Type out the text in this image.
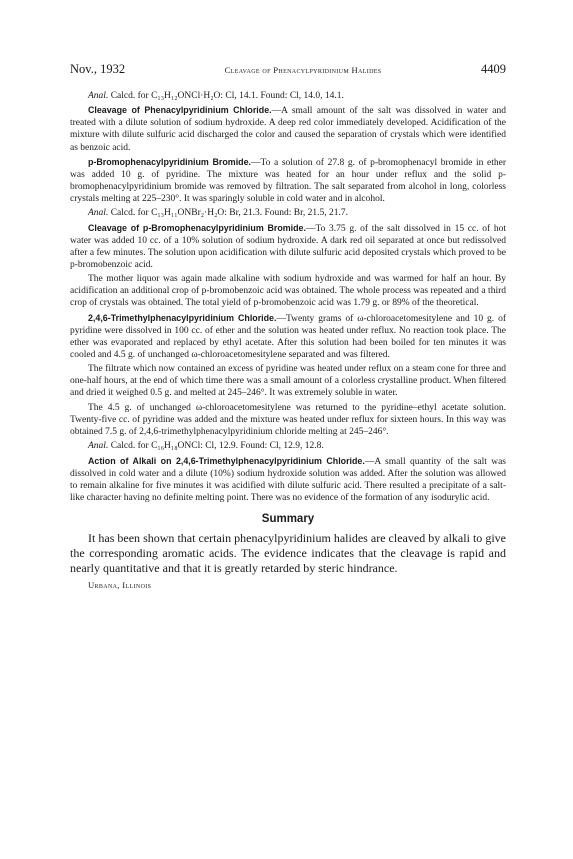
Nov., 1932	Cleavage of Phenacylpyridinium Halides	4409

Anal. Calcd. for C₁₃H₁₂ONCl·H₂O: Cl, 14.1. Found: Cl, 14.0, 14.1.

Cleavage of Phenacylpyridinium Chloride.—A small amount of the salt was dissolved in water and treated with a dilute solution of sodium hydroxide. A deep red color immediately developed. Acidification of the mixture with dilute sulfuric acid discharged the color and caused the separation of crystals which were identified as benzoic acid.

p-Bromophenacylpyridinium Bromide.—To a solution of 27.8 g. of p-bromophenacyl bromide in ether was added 10 g. of pyridine. The mixture was heated for an hour under reflux and the solid p-bromophenacylpyridinium bromide was removed by filtration. The salt separated from alcohol in long, colorless crystals melting at 225–230°. It was sparingly soluble in cold water and in alcohol.

Anal. Calcd. for C₁₃H₁₁ONBr₂·H₂O: Br, 21.3. Found: Br, 21.5, 21.7.

Cleavage of p-Bromophenacylpyridinium Bromide.—To 3.75 g. of the salt dissolved in 15 cc. of hot water was added 10 cc. of a 10% solution of sodium hydroxide. A dark red oil separated at once but redissolved after a few minutes. The solution upon acidification with dilute sulfuric acid deposited crystals which proved to be p-bromobenzoic acid.

The mother liquor was again made alkaline with sodium hydroxide and was warmed for half an hour. By acidification an additional crop of p-bromobenzoic acid was obtained. The whole process was repeated and a third crop of crystals was obtained. The total yield of p-bromobenzoic acid was 1.79 g. or 89% of the theoretical.

2,4,6-Trimethylphenacylpyridinium Chloride.—Twenty grams of ω-chloroacetomesitylene and 10 g. of pyridine were dissolved in 100 cc. of ether and the solution was heated under reflux. No reaction took place. The ether was evaporated and replaced by ethyl acetate. After this solution had been boiled for ten minutes it was cooled and 4.5 g. of unchanged ω-chloroacetomesitylene separated and was filtered.

The filtrate which now contained an excess of pyridine was heated under reflux on a steam cone for three and one-half hours, at the end of which time there was a small amount of a colorless crystalline product. When filtered and dried it weighed 0.5 g. and melted at 245–246°. It was extremely soluble in water.

The 4.5 g. of unchanged ω-chloroacetomesitylene was returned to the pyridine–ethyl acetate solution. Twenty-five cc. of pyridine was added and the mixture was heated under reflux for sixteen hours. In this way was obtained 7.5 g. of 2,4,6-trimethylphenacylpyridinium chloride melting at 245–246°.

Anal. Calcd. for C₁₆H₁₈ONCl: Cl, 12.9. Found: Cl, 12.9, 12.8.

Action of Alkali on 2,4,6-Trimethylphenacylpyridinium Chloride.—A small quantity of the salt was dissolved in cold water and a dilute (10%) sodium hydroxide solution was added. After the solution was allowed to remain alkaline for five minutes it was acidified with dilute sulfuric acid. There resulted a precipitate of a salt-like character having no definite melting point. There was no evidence of the formation of any isodurylic acid.

Summary

It has been shown that certain phenacylpyridinium halides are cleaved by alkali to give the corresponding aromatic acids. The evidence indicates that the cleavage is rapid and nearly quantitative and that it is greatly retarded by steric hindrance.

Urbana, Illinois
